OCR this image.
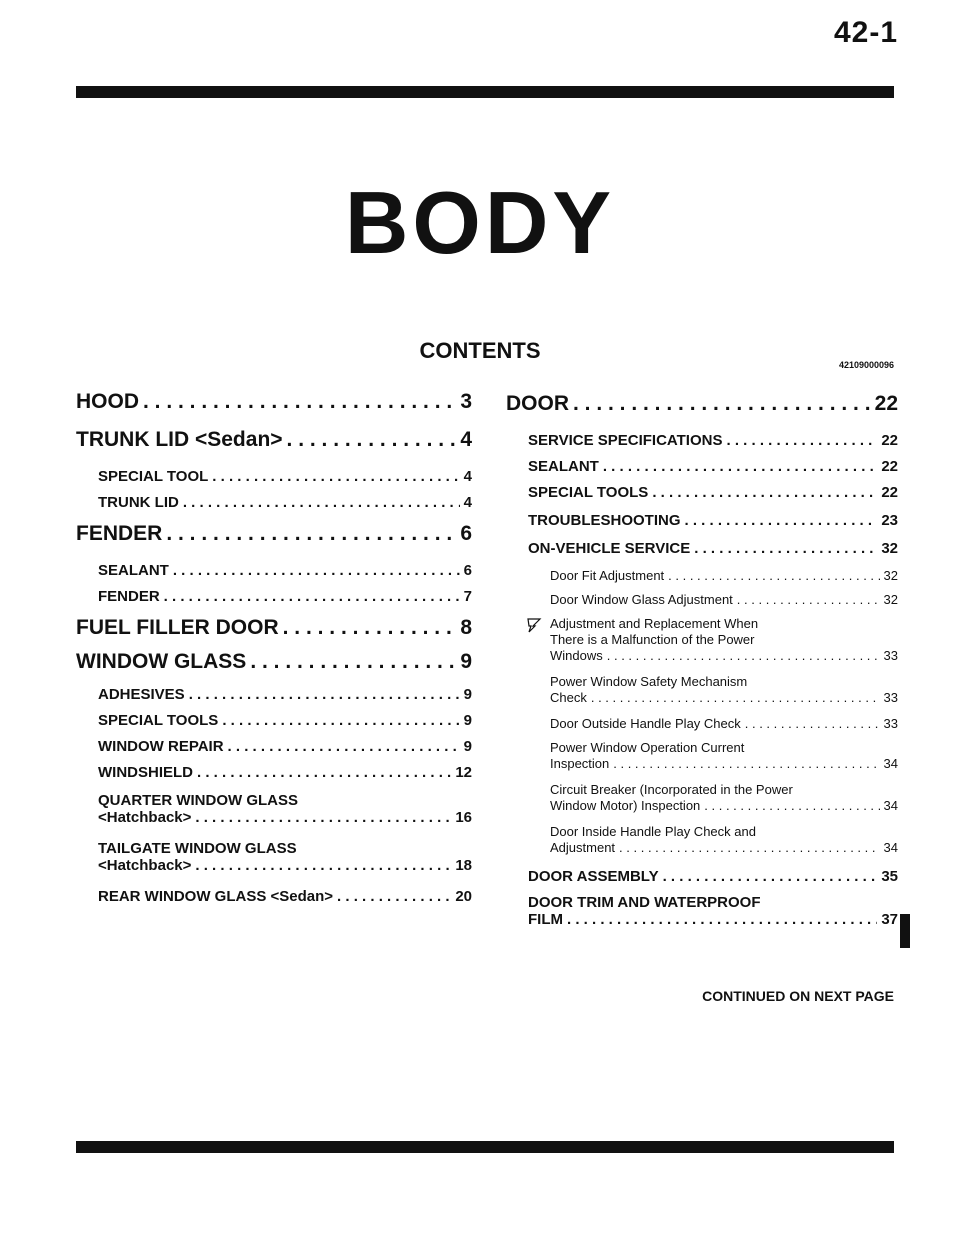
42-1
BODY
CONTENTS
42109000096
HOOD . . .	3
TRUNK LID <Sedan> . . .	4
SPECIAL TOOL . . .	4
TRUNK LID . . .	4
FENDER . . .	6
SEALANT . . .	6
FENDER . . .	7
FUEL FILLER DOOR . . .	8
WINDOW GLASS . . .	9
ADHESIVES . . .	9
SPECIAL TOOLS . . .	9
WINDOW REPAIR . . .	9
WINDSHIELD . . .	12
QUARTER WINDOW GLASS
<Hatchback> . . .	16
TAILGATE WINDOW GLASS
<Hatchback> . . .	18
REAR WINDOW GLASS <Sedan> . . .	20
DOOR . . .	22
SERVICE SPECIFICATIONS . . .	22
SEALANT . . .	22
SPECIAL TOOLS . . .	22
TROUBLESHOOTING . . .	23
ON-VEHICLE SERVICE . . .	32
Door Fit Adjustment . . .	32
Door Window Glass Adjustment . . .	32
Adjustment and Replacement When
There is a Malfunction of the Power
Windows . . .	33
Power Window Safety Mechanism
Check . . .	33
Door Outside Handle Play Check . . .	33
Power Window Operation Current
Inspection . . .	34
Circuit Breaker (Incorporated in the Power
Window Motor) Inspection . . .	34
Door Inside Handle Play Check and
Adjustment . . .	34
DOOR ASSEMBLY . . .	35
DOOR TRIM AND WATERPROOF
FILM . . .	37
CONTINUED ON NEXT PAGE
